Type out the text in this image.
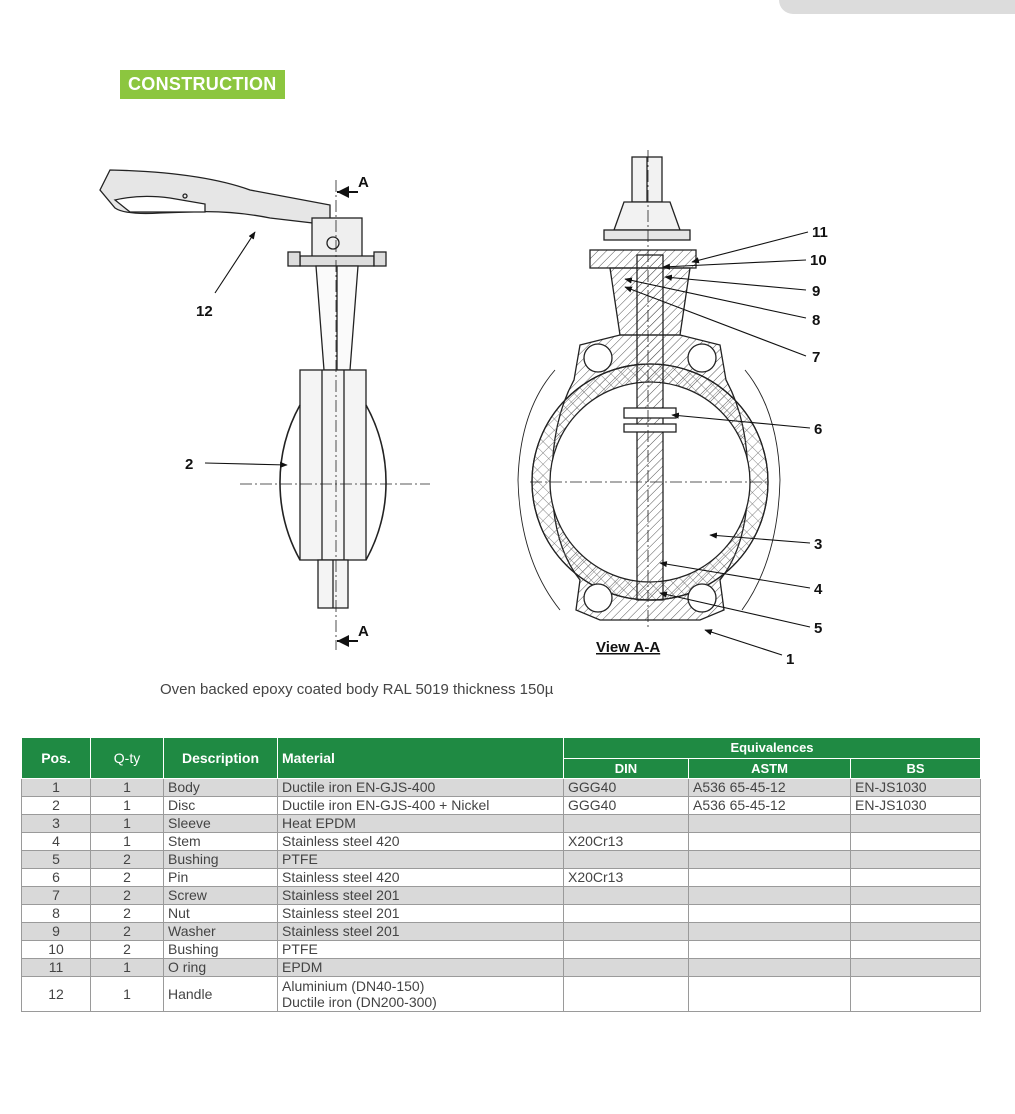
CONSTRUCTION
A
A
View A-A
12
2
11
10
9
8
7
6
3
4
5
1
Oven backed epoxy coated body RAL 5019 thickness 150µ
Pos.	Q-ty	Description	Material	Equivalences		
				DIN	ASTM	BS
1	1	Body	Ductile iron EN-GJS-400	GGG40	A536 65-45-12	EN-JS1030
2	1	Disc	Ductile iron EN-GJS-400 + Nickel	GGG40	A536 65-45-12	EN-JS1030
3	1	Sleeve	Heat EPDM			
4	1	Stem	Stainless steel 420	X20Cr13		
5	2	Bushing	PTFE			
6	2	Pin	Stainless steel 420	X20Cr13		
7	2	Screw	Stainless steel 201			
8	2	Nut	Stainless steel 201			
9	2	Washer	Stainless steel 201			
10	2	Bushing	PTFE			
11	1	O ring	EPDM			
12	1	Handle	Aluminium (DN40-150)
Ductile iron (DN200-300)			
